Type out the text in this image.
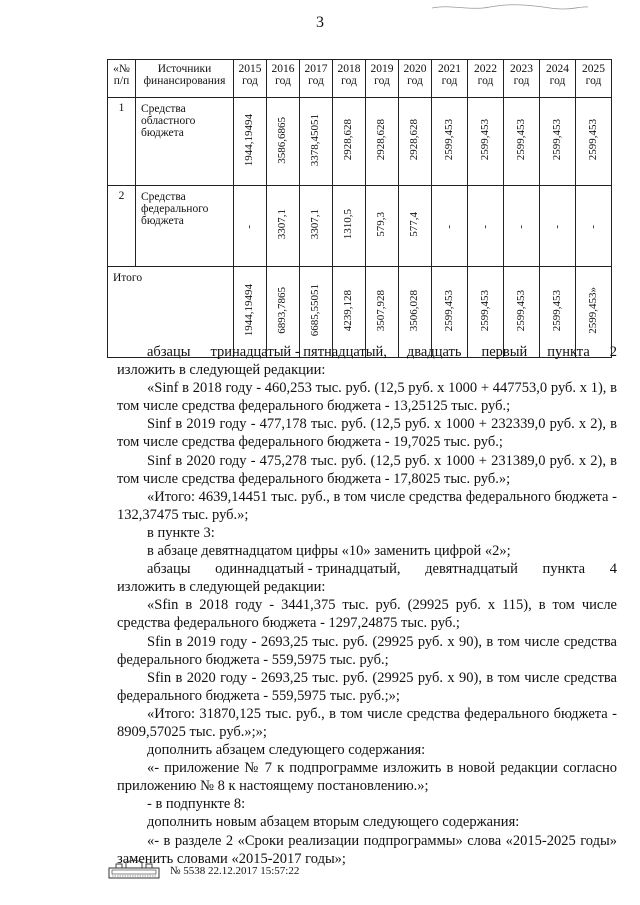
3
«№ п/п	Источники финансирования	2015 год	2016 год	2017 год	2018 год	2019 год	2020 год	2021 год	2022 год	2023 год	2024 год	2025 год
1	Средства областного бюджета	1944,19494	3586,6865	3378,45051	2928,628	2928,628	2928,628	2599,453	2599,453	2599,453	2599,453	2599,453
2	Средства федерального бюджета	-	3307,1	3307,1	1310,5	579,3	577,4	-	-	-	-	-
Итого		1944,19494	6893,7865	6685,55051	4239,128	3507,928	3506,028	2599,453	2599,453	2599,453	2599,453	2599,453»

абзацы тринадцатый - пятнадцатый, двадцать первый пункта 2

изложить в следующей редакции:

«Sinf в 2018 году - 460,253 тыс. руб. (12,5 руб. х 1000 + 447753,0 руб. х 1), в том числе средства федерального бюджета - 13,25125 тыс. руб.;

Sinf в 2019 году - 477,178 тыс. руб. (12,5 руб. х 1000 + 232339,0 руб. х 2), в том числе средства федерального бюджета - 19,7025 тыс. руб.;

Sinf в 2020 году - 475,278 тыс. руб. (12,5 руб. х 1000 + 231389,0 руб. х 2), в том числе средства федерального бюджета - 17,8025 тыс. руб.»;

«Итого: 4639,14451 тыс. руб., в том числе средства федерального бюджета - 132,37475 тыс. руб.»;

в пункте 3:

в абзаце девятнадцатом цифры «10» заменить цифрой «2»;

абзацы одиннадцатый - тринадцатый, девятнадцатый пункта 4

изложить в следующей редакции:

«Sfin в 2018 году - 3441,375 тыс. руб. (29925 руб. х 115), в том числе средства федерального бюджета - 1297,24875 тыс. руб.;

Sfin в 2019 году - 2693,25 тыс. руб. (29925 руб. х 90), в том числе средства федерального бюджета - 559,5975 тыс. руб.;

Sfin в 2020 году - 2693,25 тыс. руб. (29925 руб. х 90), в том числе средства федерального бюджета - 559,5975 тыс. руб.;»;

«Итого: 31870,125 тыс. руб., в том числе средства федерального бюджета - 8909,57025 тыс. руб.»;»;

дополнить абзацем следующего содержания:

«- приложение № 7 к подпрограмме изложить в новой редакции согласно приложению № 8 к настоящему постановлению.»;

- в подпункте 8:

дополнить новым абзацем вторым следующего содержания:

«- в разделе 2 «Сроки реализации подпрограммы» слова «2015-2025 годы» заменить словами «2015-2017 годы»;

№ 5538 22.12.2017 15:57:22
